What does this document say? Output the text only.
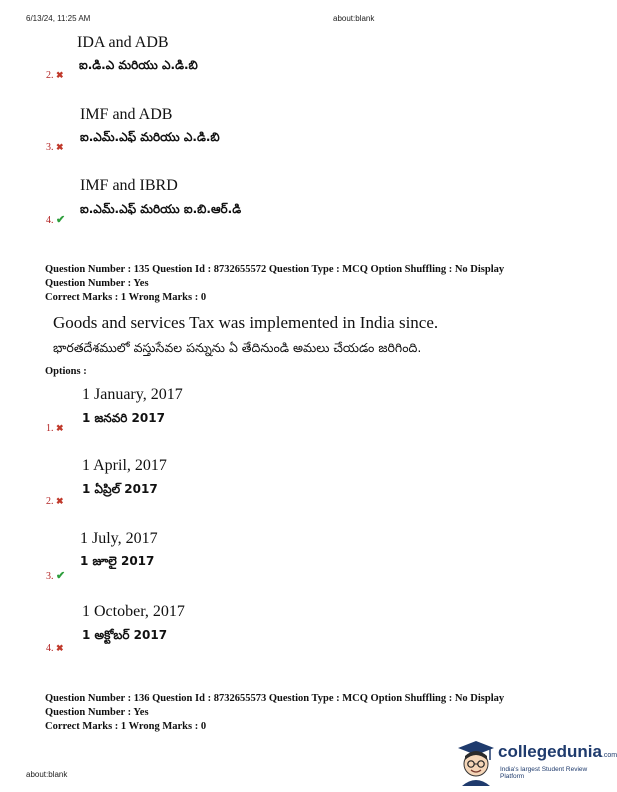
6/13/24, 11:25 AM	about:blank
IDA and ADB
ఐ.డి.ఎ మరియు ఎ.డి.బి
2. ✖
IMF and ADB
ఐ.ఎమ్.ఎఫ్ మరియు ఎ.డి.బి
3. ✖
IMF and IBRD
ఐ.ఎమ్.ఎఫ్ మరియు ఐ.బి.ఆర్.డి
4. ✔
Question Number : 135 Question Id : 8732655572 Question Type : MCQ Option Shuffling : No Display
Question Number : Yes
Correct Marks : 1 Wrong Marks : 0
Goods and services Tax was implemented in India since.
భారతదేశములో వస్తుసేవల పన్నును ఏ తేదినుండి అమలు చేయడం జరిగింది.
Options :
1 January, 2017
1 జనవరి 2017
1. ✖
1 April, 2017
1 ఏప్రిల్ 2017
2. ✖
1 July, 2017
1 జూలై 2017
3. ✔
1 October, 2017
1 అక్టోబర్ 2017
4. ✖
Question Number : 136 Question Id : 8732655573 Question Type : MCQ Option Shuffling : No Display
Question Number : Yes
Correct Marks : 1 Wrong Marks : 0
about:blank
collegedunia.com
India's largest Student Review Platform
